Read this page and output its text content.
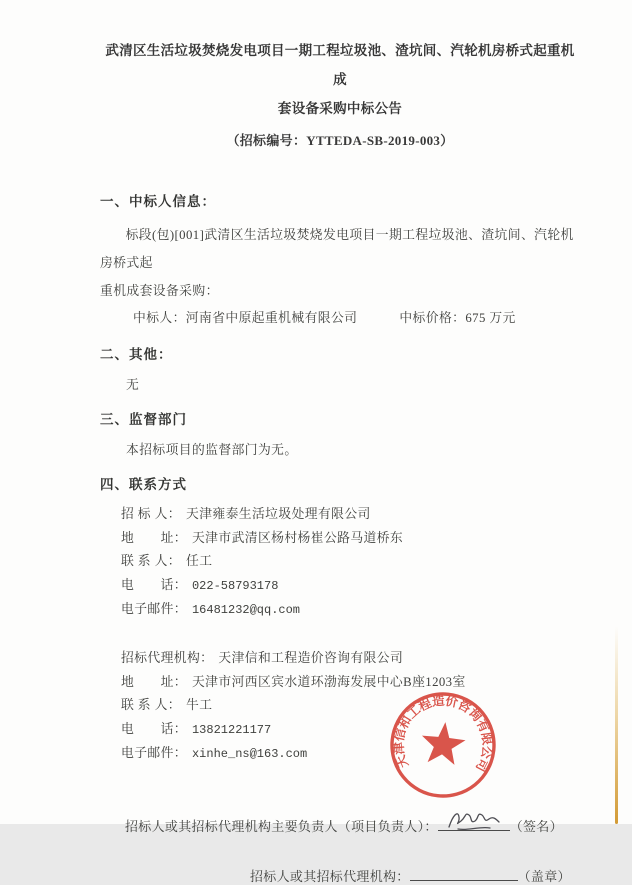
武清区生活垃圾焚烧发电项目一期工程垃圾池、渣坑间、汽轮机房桥式起重机成
套设备采购中标公告
（招标编号：YTTEDA-SB-2019-003）
一、中标人信息：
标段(包)[001]武清区生活垃圾焚烧发电项目一期工程垃圾池、渣坑间、汽轮机房桥式起
重机成套设备采购：
中标人：河南省中原起重机械有限公司	中标价格：675 万元
二、其他：
无
三、监督部门
本招标项目的监督部门为无。
四、联系方式
招 标 人： 天津雍泰生活垃圾处理有限公司
地　　址： 天津市武清区杨村杨崔公路马道桥东
联 系 人： 任工
电　　话： 022-58793178
电子邮件： 16481232@qq.com
招标代理机构： 天津信和工程造价咨询有限公司
地　　址： 天津市河西区宾水道环渤海发展中心B座1203室
联 系 人： 牛工
电　　话： 13821221177
电子邮件： xinhe_ns@163.com
招标人或其招标代理机构主要负责人（项目负责人）：	（签名）
招标人或其招标代理机构：	（盖章）
天津信和工程造价咨询有限公司
